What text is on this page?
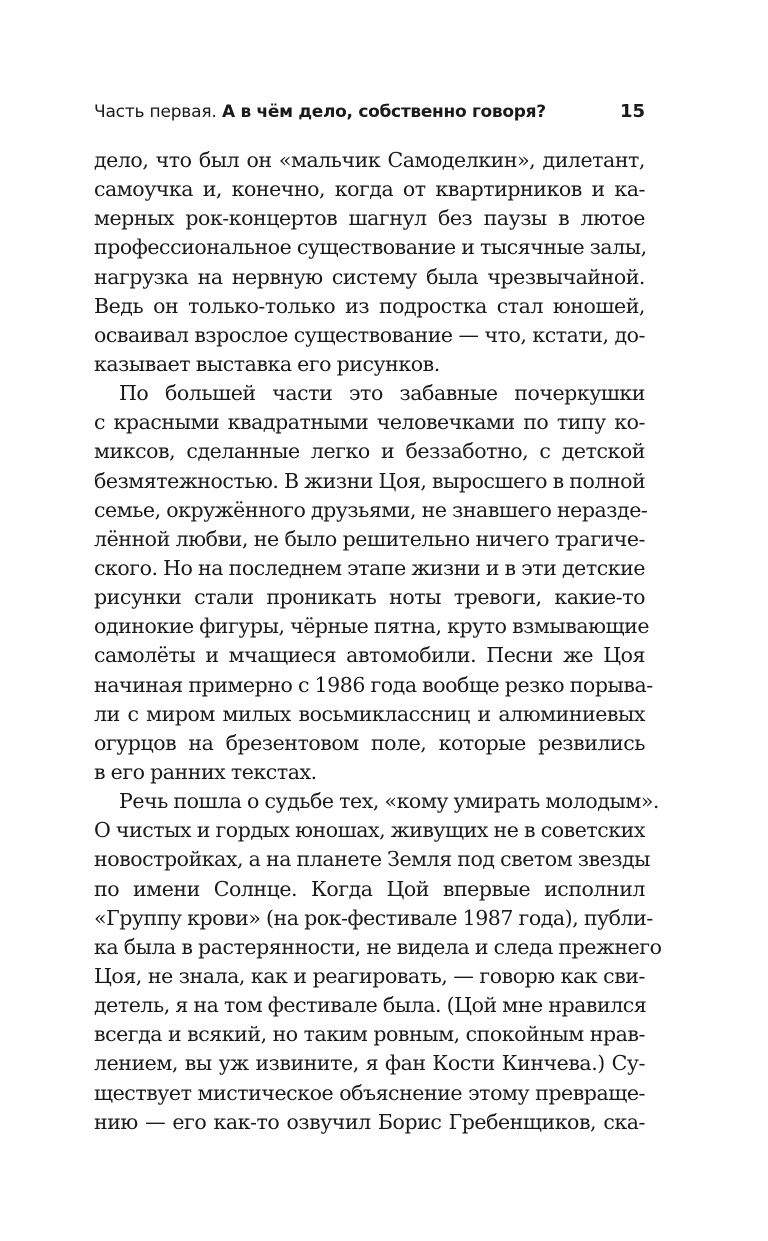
Часть первая. А в чём дело, собственно говоря?	15
дело, что был он «мальчик Самоделкин», дилетант,
самоучка и, конечно, когда от квартирников и ка-
мерных рок-концертов шагнул без паузы в лютое
профессиональное существование и тысячные залы,
нагрузка на нервную систему была чрезвычайной.
Ведь он только-только из подростка стал юношей,
осваивал взрослое существование — что, кстати, до-
казывает выставка его рисунков.
По большей части это забавные почеркушки
с красными квадратными человечками по типу ко-
миксов, сделанные легко и беззаботно, с детской
безмятежностью. В жизни Цоя, выросшего в полной
семье, окружённого друзьями, не знавшего нераздe-
лённой любви, не было решительно ничего трагиче-
ского. Но на последнем этапе жизни и в эти детские
рисунки стали проникать ноты тревоги, какие-то
одинокие фигуры, чёрные пятна, круто взмывающие
самолёты и мчащиеся автомобили. Песни же Цоя
начиная примерно с 1986 года вообще резко порыва-
ли с миром милых восьмиклассниц и алюминиевых
огурцов на брезентовом поле, которые резвились
в его ранних текстах.
Речь пошла о судьбе тех, «кому умирать молодым».
О чистых и гордых юношах, живущих не в советских
новостройках, а на планете Земля под светом звезды
по имени Солнце. Когда Цой впервые исполнил
«Группу крови» (на рок-фестивале 1987 года), публи-
ка была в растерянности, не видела и следа прежнего
Цоя, не знала, как и реагировать, — говорю как сви-
детель, я на том фестивале была. (Цой мне нравился
всегда и всякий, но таким ровным, спокойным нрав-
лением, вы уж извините, я фан Кости Кинчева.) Су-
ществует мистическое объяснение этому превраще-
нию — его как-то озвучил Борис Гребенщиков, ска-
